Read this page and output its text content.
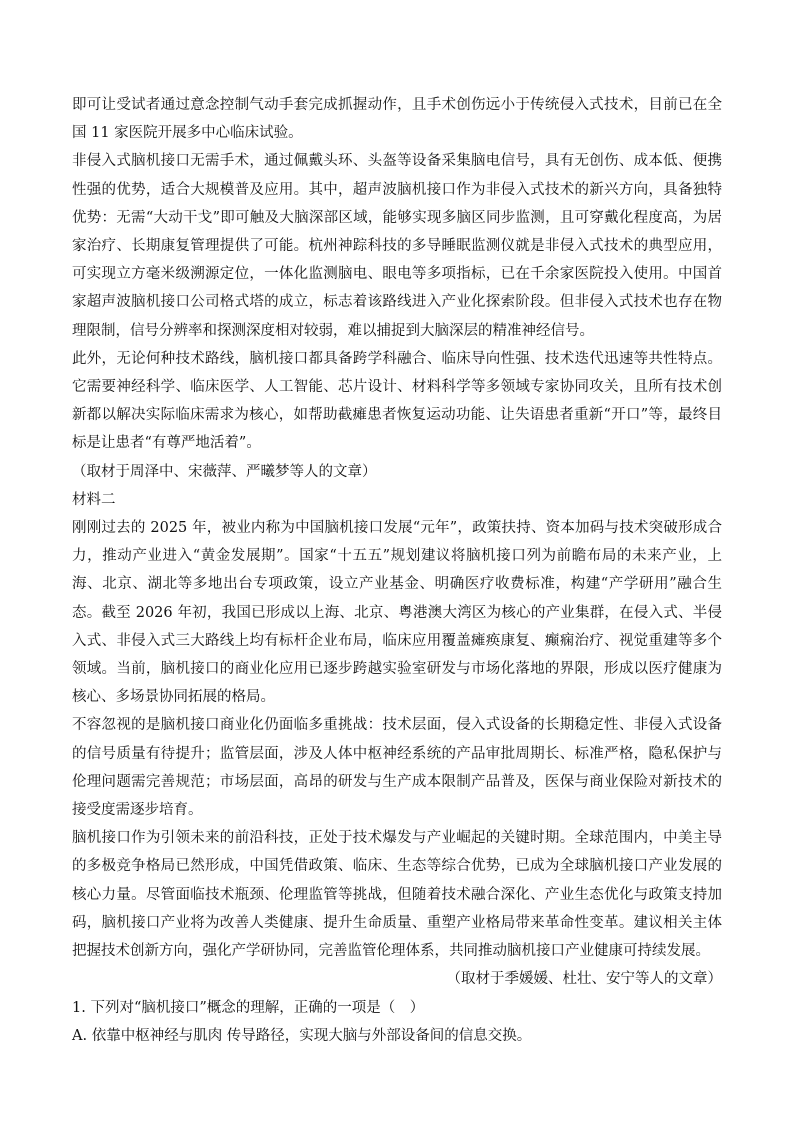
即可让受试者通过意念控制气动手套完成抓握动作，且手术创伤远小于传统侵入式技术，目前已在全国 11 家医院开展多中心临床试验。

非侵入式脑机接口无需手术，通过佩戴头环、头盔等设备采集脑电信号，具有无创伤、成本低、便携性强的优势，适合大规模普及应用。其中，超声波脑机接口作为非侵入式技术的新兴方向，具备独特优势：无需“大动干戈”即可触及大脑深部区域，能够实现多脑区同步监测，且可穿戴化程度高，为居家治疗、长期康复管理提供了可能。杭州神踪科技的多导睡眠监测仪就是非侵入式技术的典型应用，可实现立方毫米级溯源定位，一体化监测脑电、眼电等多项指标，已在千余家医院投入使用。中国首家超声波脑机接口公司格式塔的成立，标志着该路线进入产业化探索阶段。但非侵入式技术也存在物理限制，信号分辨率和探测深度相对较弱，难以捕捉到大脑深层的精准神经信号。

此外，无论何种技术路线，脑机接口都具备跨学科融合、临床导向性强、技术迭代迅速等共性特点。它需要神经科学、临床医学、人工智能、芯片设计、材料科学等多领域专家协同攻关，且所有技术创新都以解决实际临床需求为核心，如帮助截瘫患者恢复运动功能、让失语患者重新“开口”等，最终目标是让患者“有尊严地活着”。

（取材于周泽中、宋薇萍、严曦梦等人的文章）

材料二

刚刚过去的 2025 年，被业内称为中国脑机接口发展“元年”，政策扶持、资本加码与技术突破形成合力，推动产业进入“黄金发展期”。国家“十五五”规划建议将脑机接口列为前瞻布局的未来产业，上海、北京、湖北等多地出台专项政策，设立产业基金、明确医疗收费标准，构建“产学研用”融合生态。截至 2026 年初，我国已形成以上海、北京、粤港澳大湾区为核心的产业集群，在侵入式、半侵入式、非侵入式三大路线上均有标杆企业布局，临床应用覆盖瘫痪康复、癫痫治疗、视觉重建等多个领域。当前，脑机接口的商业化应用已逐步跨越实验室研发与市场化落地的界限，形成以医疗健康为核心、多场景协同拓展的格局。

不容忽视的是脑机接口商业化仍面临多重挑战：技术层面，侵入式设备的长期稳定性、非侵入式设备的信号质量有待提升；监管层面，涉及人体中枢神经系统的产品审批周期长、标准严格，隐私保护与伦理问题需完善规范；市场层面，高昂的研发与生产成本限制产品普及，医保与商业保险对新技术的接受度需逐步培育。

脑机接口作为引领未来的前沿科技，正处于技术爆发与产业崛起的关键时期。全球范围内，中美主导的多极竞争格局已然形成，中国凭借政策、临床、生态等综合优势，已成为全球脑机接口产业发展的核心力量。尽管面临技术瓶颈、伦理监管等挑战，但随着技术融合深化、产业生态优化与政策支持加码，脑机接口产业将为改善人类健康、提升生命质量、重塑产业格局带来革命性变革。建议相关主体把握技术创新方向，强化产学研协同，完善监管伦理体系，共同推动脑机接口产业健康可持续发展。

（取材于季媛媛、杜壮、安宁等人的文章）

1. 下列对“脑机接口”概念的理解，正确的一项是（　）

A. 依靠中枢神经与肌肉 传导路径，实现大脑与外部设备间的信息交换。
